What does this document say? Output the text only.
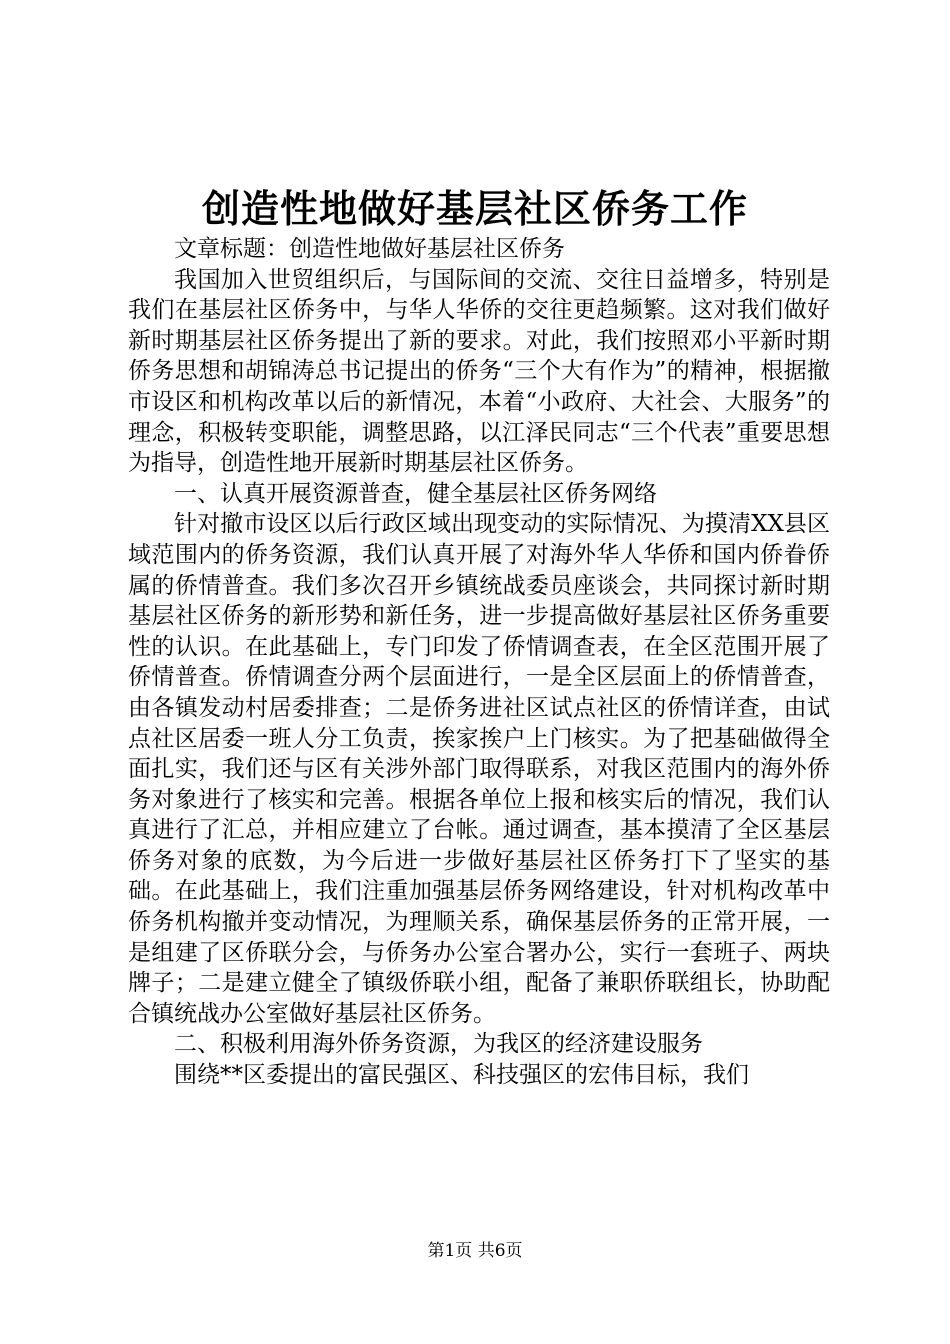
创造性地做好基层社区侨务工作

文章标题：创造性地做好基层社区侨务

我国加入世贸组织后，与国际间的交流、交往日益增多，特别是我们在基层社区侨务中，与华人华侨的交往更趋频繁。这对我们做好新时期基层社区侨务提出了新的要求。对此，我们按照邓小平新时期侨务思想和胡锦涛总书记提出的侨务“三个大有作为”的精神，根据撤市设区和机构改革以后的新情况，本着“小政府、大社会、大服务”的理念，积极转变职能，调整思路，以江泽民同志“三个代表”重要思想为指导，创造性地开展新时期基层社区侨务。

一、认真开展资源普查，健全基层社区侨务网络

针对撤市设区以后行政区域出现变动的实际情况、为摸清XX县区域范围内的侨务资源，我们认真开展了对海外华人华侨和国内侨眷侨属的侨情普查。我们多次召开乡镇统战委员座谈会，共同探讨新时期基层社区侨务的新形势和新任务，进一步提高做好基层社区侨务重要性的认识。在此基础上，专门印发了侨情调查表，在全区范围开展了侨情普查。侨情调查分两个层面进行，一是全区层面上的侨情普查，由各镇发动村居委排查；二是侨务进社区试点社区的侨情详查，由试点社区居委一班人分工负责，挨家挨户上门核实。为了把基础做得全面扎实，我们还与区有关涉外部门取得联系，对我区范围内的海外侨务对象进行了核实和完善。根据各单位上报和核实后的情况，我们认真进行了汇总，并相应建立了台帐。通过调查，基本摸清了全区基层侨务对象的底数，为今后进一步做好基层社区侨务打下了坚实的基础。在此基础上，我们注重加强基层侨务网络建设，针对机构改革中侨务机构撤并变动情况，为理顺关系，确保基层侨务的正常开展，一是组建了区侨联分会，与侨务办公室合署办公，实行一套班子、两块牌子；二是建立健全了镇级侨联小组，配备了兼职侨联组长，协助配合镇统战办公室做好基层社区侨务。

二、积极利用海外侨务资源，为我区的经济建设服务

围绕**区委提出的富民强区、科技强区的宏伟目标，我们

第1页 共6页
